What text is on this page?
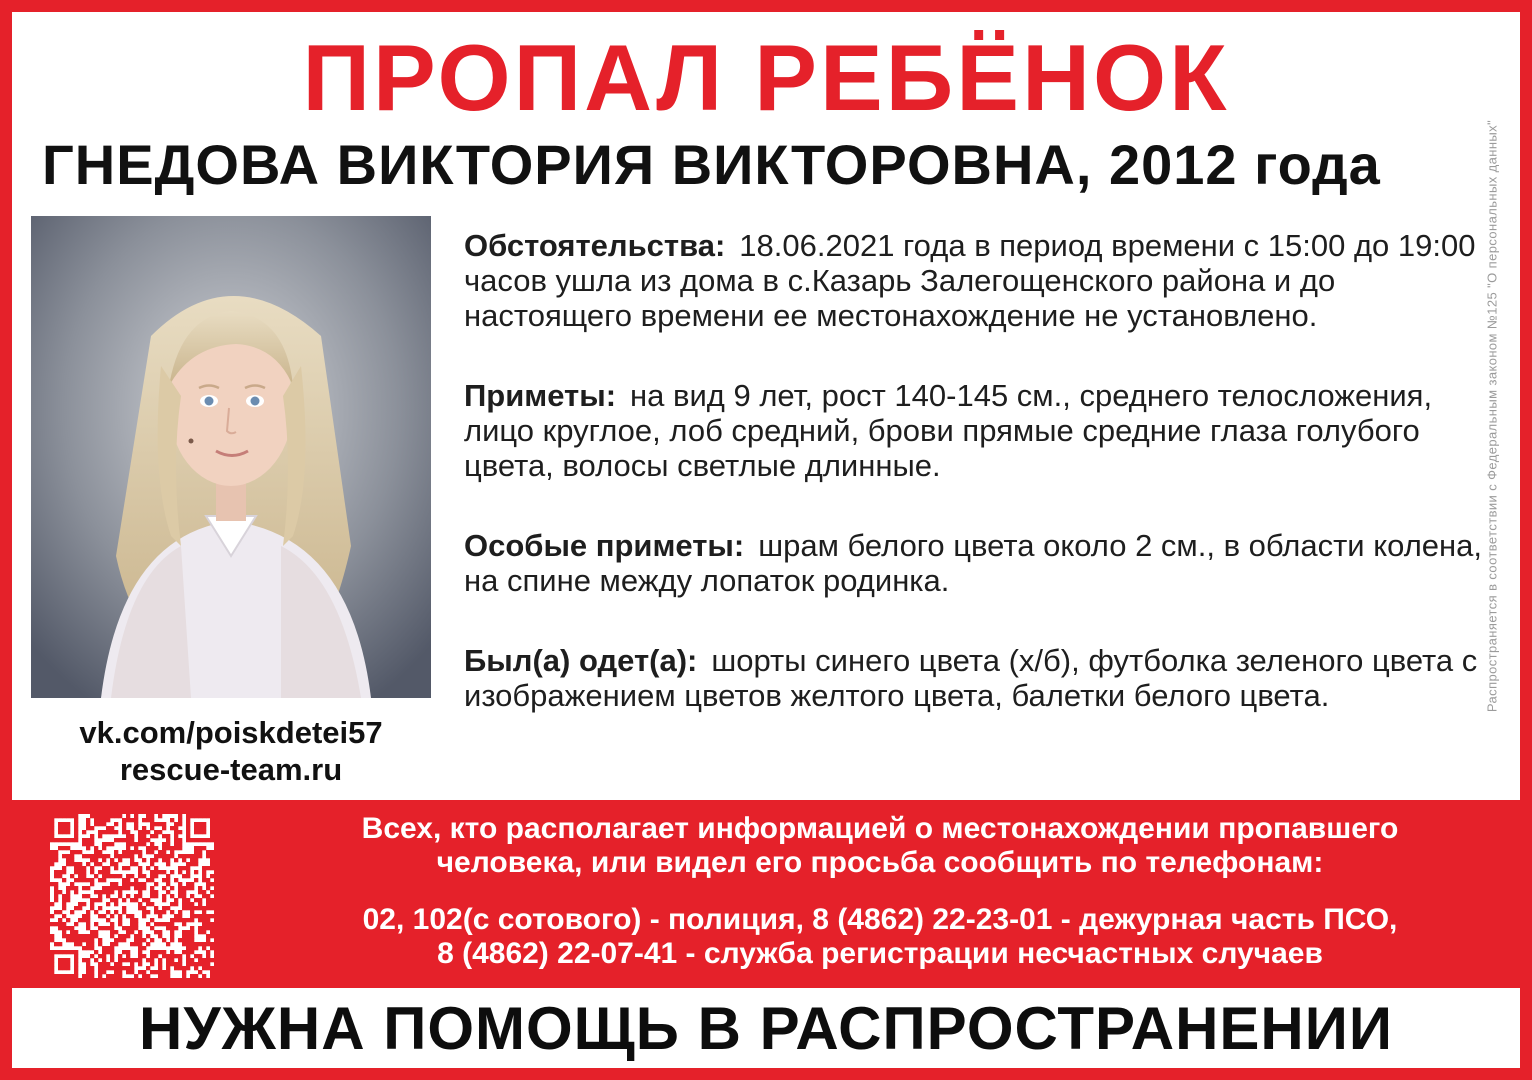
ПРОПАЛ РЕБЁНОК
ГНЕДОВА ВИКТОРИЯ ВИКТОРОВНА, 2012 года
vk.com/poiskdetei57
rescue-team.ru

Обстоятельства: 18.06.2021 года в период времени с 15:00 до 19:00 часов ушла из дома в с.Казарь Залегощенского района и до настоящего времени ее местонахождение не установлено.

Приметы: на вид 9 лет, рост 140-145 см., среднего телосложения, лицо круглое, лоб средний, брови прямые средние глаза голубого цвета, волосы светлые длинные.

Особые приметы: шрам белого цвета около 2 см., в области колена, на спине между лопаток родинка.

Был(а) одет(а): шорты синего цвета (х/б), футболка зеленого цвета с изображением цветов желтого цвета, балетки белого цвета.	Распространяется в соответствии с Федеральным законом №125 "О персональных данных"
Всех, кто располагает информацией о местонахождении пропавшего
человека, или видел его просьба сообщить по телефонам:
02, 102(с сотового) - полиция, 8 (4862) 22-23-01 - дежурная часть ПСО,
8 (4862) 22-07-41 - служба регистрации несчастных случаев
НУЖНА ПОМОЩЬ В РАСПРОСТРАНЕНИИ
